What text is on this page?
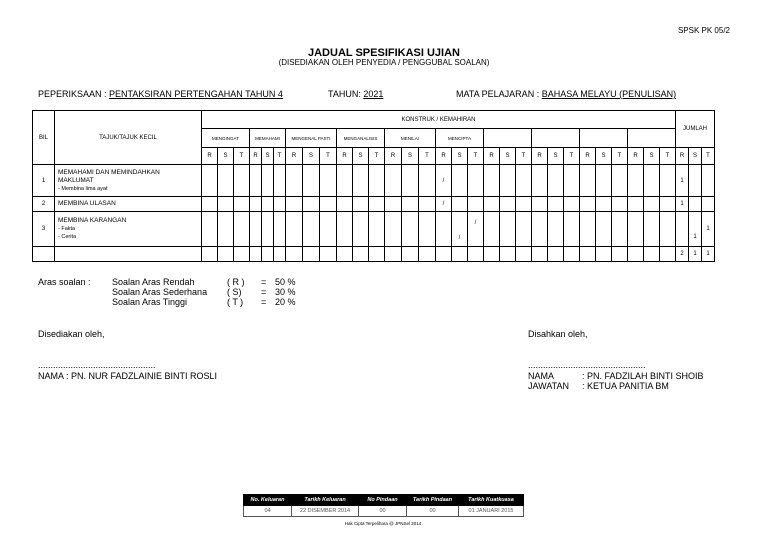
SPSK PK 05/2
JADUAL SPESIFIKASI UJIAN
(DISEDIAKAN OLEH PENYEDIA / PENGGUBAL SOALAN)
PEPERIKSAAN : PENTAKSIRAN PERTENGAHAN TAHUN 4	TAHUN: 2021	MATA PELAJARAN : BAHASA MELAYU (PENULISAN)
BIL	TAJUK/TAJUK KECIL	KONSTRUK / KEMAHIRAN																														JUMLAH		
		MENGINGAT			MEMAHAMI			MENGENAL PASTI			MENGANALISIS			MENILAI			MENCIPTA																	
		R	S	T	R	S	T	R	S	T	R	S	T	R	S	T	R	S	T	R	S	T	R	S	T	R	S	T	R	S	T	R	S	T
1	MEMAHAMI DAN MEMINDAHKAN
MAKLUMAT
- Membina lima ayat																/															1		
2	MEMBINA ULASAN																/															1		
3	MEMBINA KARANGAN
- Fakta
- Cerita																	/	/														1	1
																																2	1	1
Aras soalan : Soalan Aras Rendah	( R ) = 50 %
Soalan Aras Sederhana ( S) = 30 %
Soalan Aras Tinggi	( T ) = 20 %
Disediakan oleh,
...............................................
NAMA : PN. NUR FADZLAINIE BINTI ROSLI
Disahkan oleh,
...............................................
NAMA	: PN. FADZILAH BINTI SHOIB
JAWATAN : KETUA PANITIA BM
No. Keluaran	Tarikh Keluaran	No Pindaan	Tarikh Pindaan	Tarikh Kuatkuasa
04	22 DISEMBER 2014	00	00	01 JANUARI 2015
Hak Cipta Terpelihara @ JPNSel 2014
